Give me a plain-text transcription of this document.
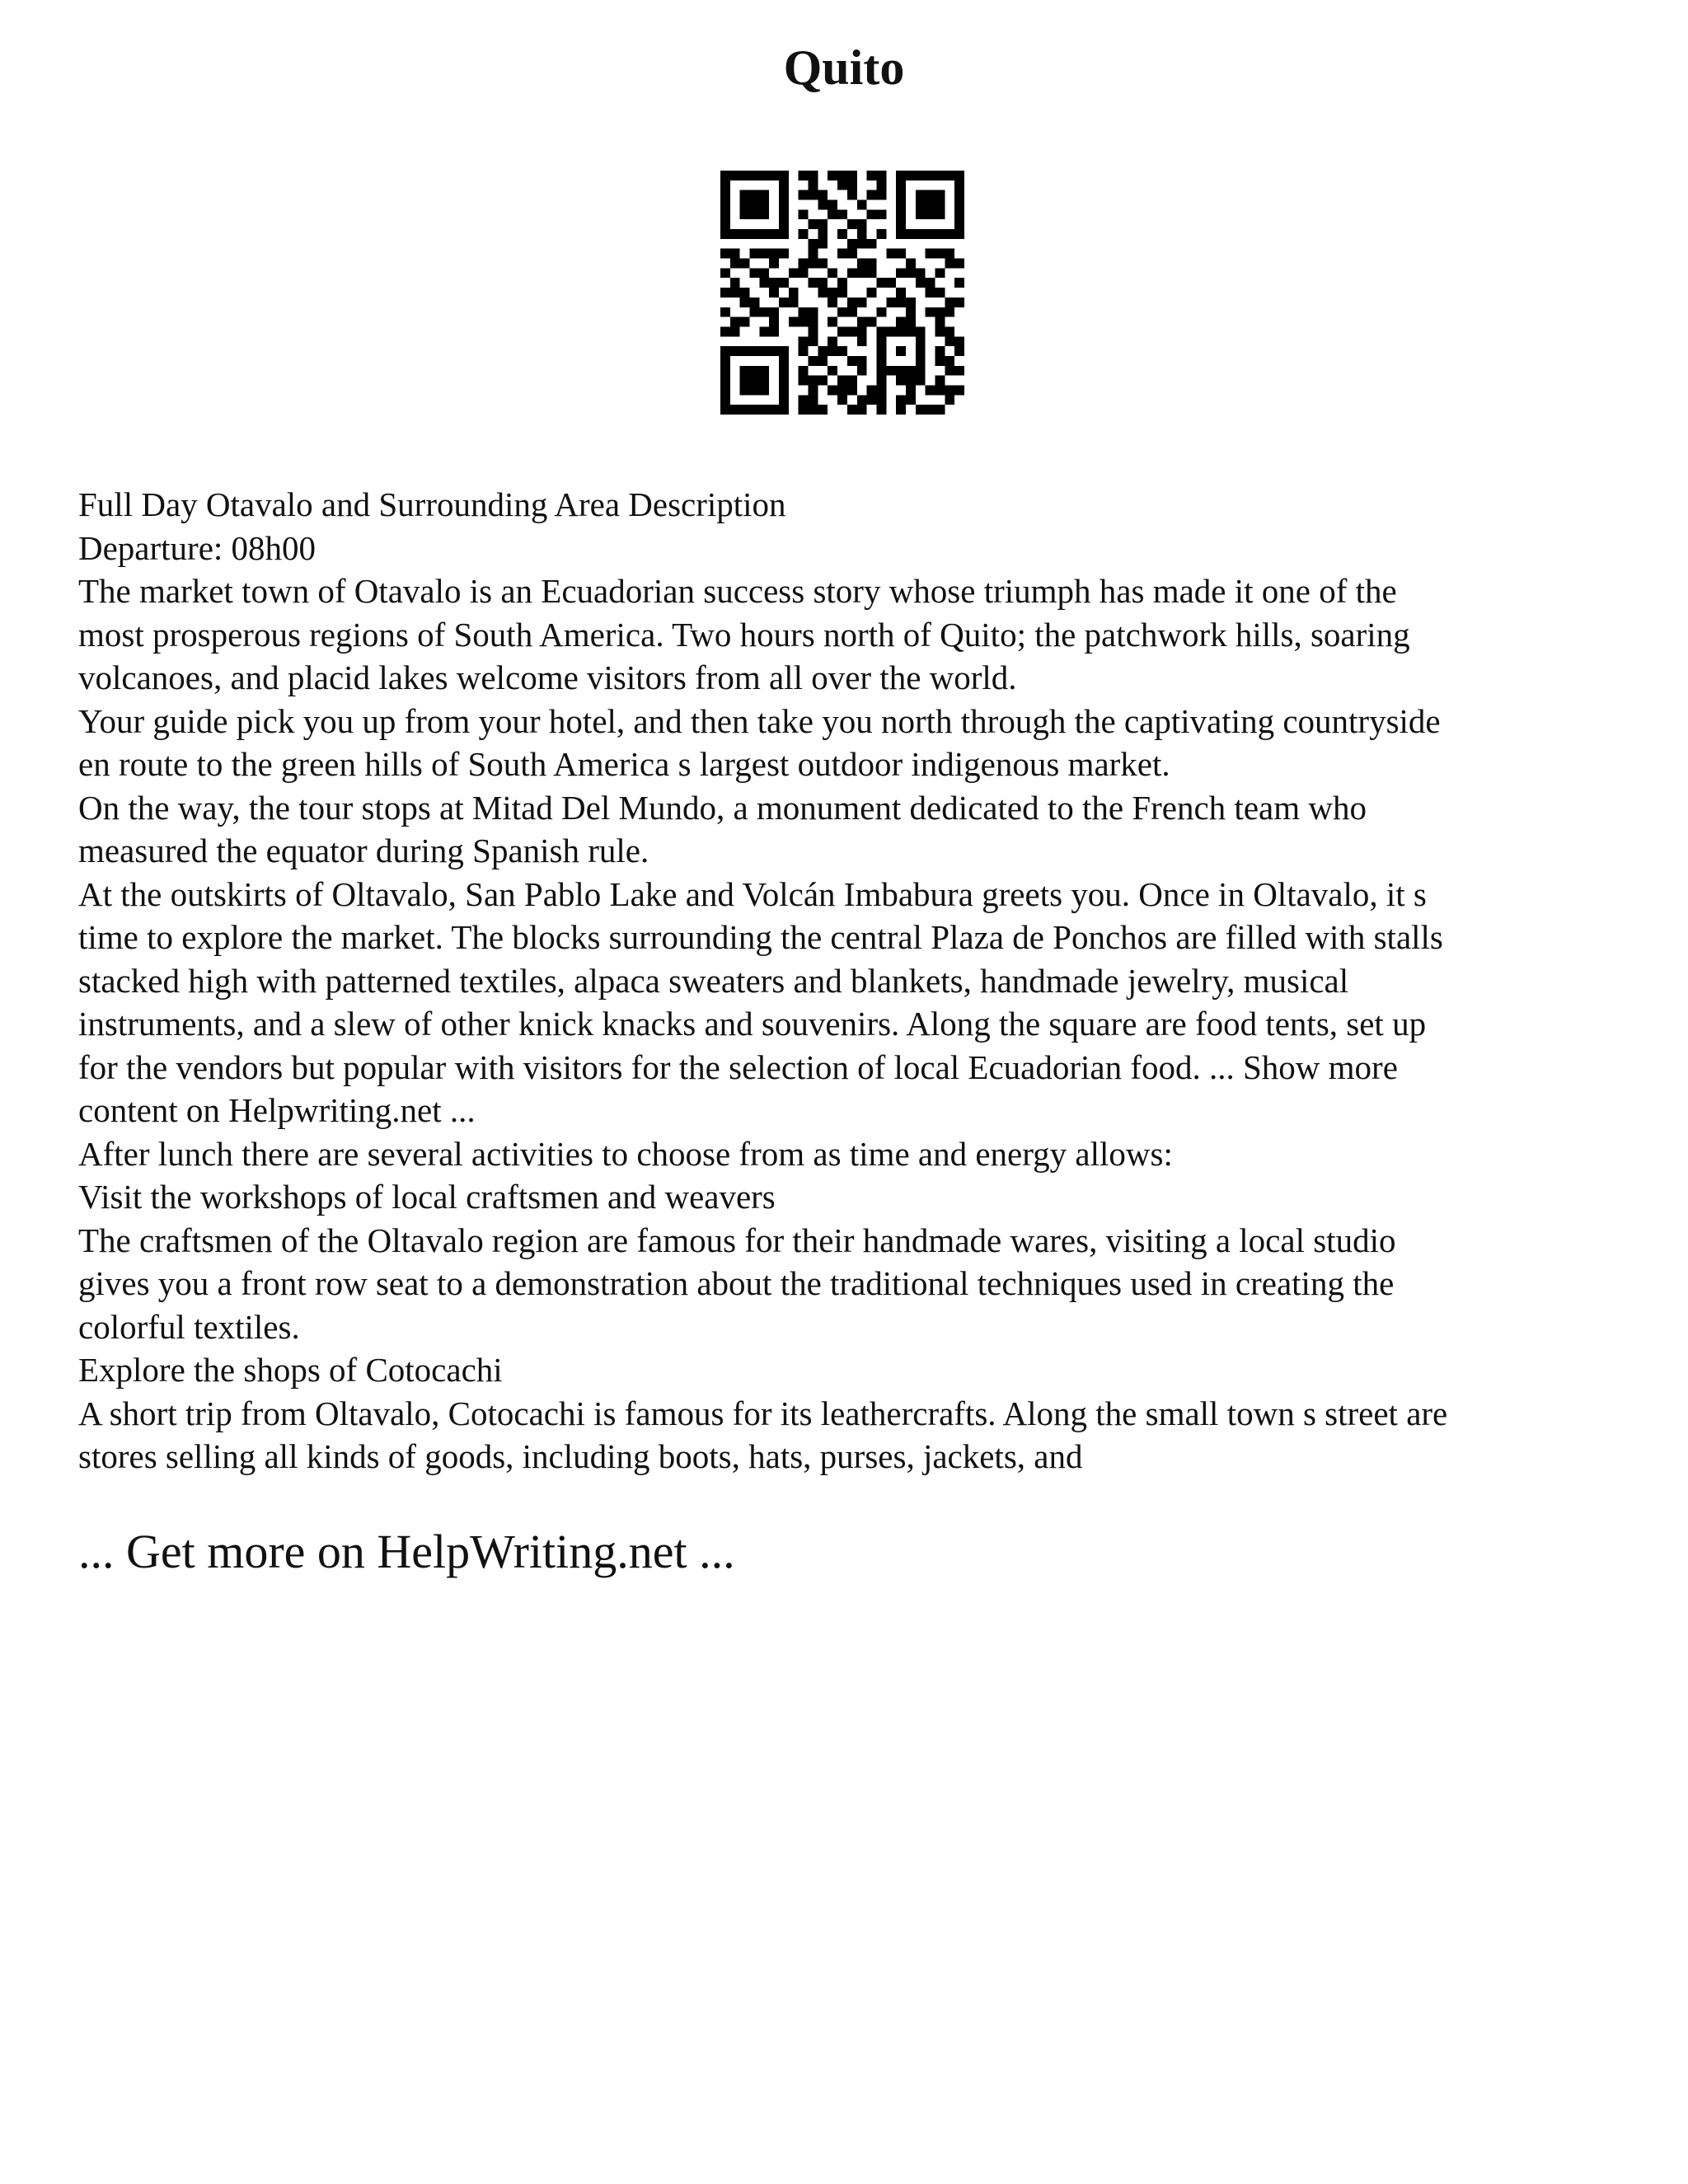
Quito

Full Day Otavalo and Surrounding Area Description

Departure: 08h00

The market town of Otavalo is an Ecuadorian success story whose triumph has made it one of the
most prosperous regions of South America. Two hours north of Quito; the patchwork hills, soaring
volcanoes, and placid lakes welcome visitors from all over the world.

Your guide pick you up from your hotel, and then take you north through the captivating countryside
en route to the green hills of South America s largest outdoor indigenous market.

On the way, the tour stops at Mitad Del Mundo, a monument dedicated to the French team who
measured the equator during Spanish rule.

At the outskirts of Oltavalo, San Pablo Lake and Volcán Imbabura greets you. Once in Oltavalo, it s
time to explore the market. The blocks surrounding the central Plaza de Ponchos are filled with stalls
stacked high with patterned textiles, alpaca sweaters and blankets, handmade jewelry, musical
instruments, and a slew of other knick knacks and souvenirs. Along the square are food tents, set up
for the vendors but popular with visitors for the selection of local Ecuadorian food. ... Show more
content on Helpwriting.net ...

After lunch there are several activities to choose from as time and energy allows:

Visit the workshops of local craftsmen and weavers

The craftsmen of the Oltavalo region are famous for their handmade wares, visiting a local studio
gives you a front row seat to a demonstration about the traditional techniques used in creating the
colorful textiles.

Explore the shops of Cotocachi

A short trip from Oltavalo, Cotocachi is famous for its leathercrafts. Along the small town s street are
stores selling all kinds of goods, including boots, hats, purses, jackets, and

... Get more on HelpWriting.net ...
